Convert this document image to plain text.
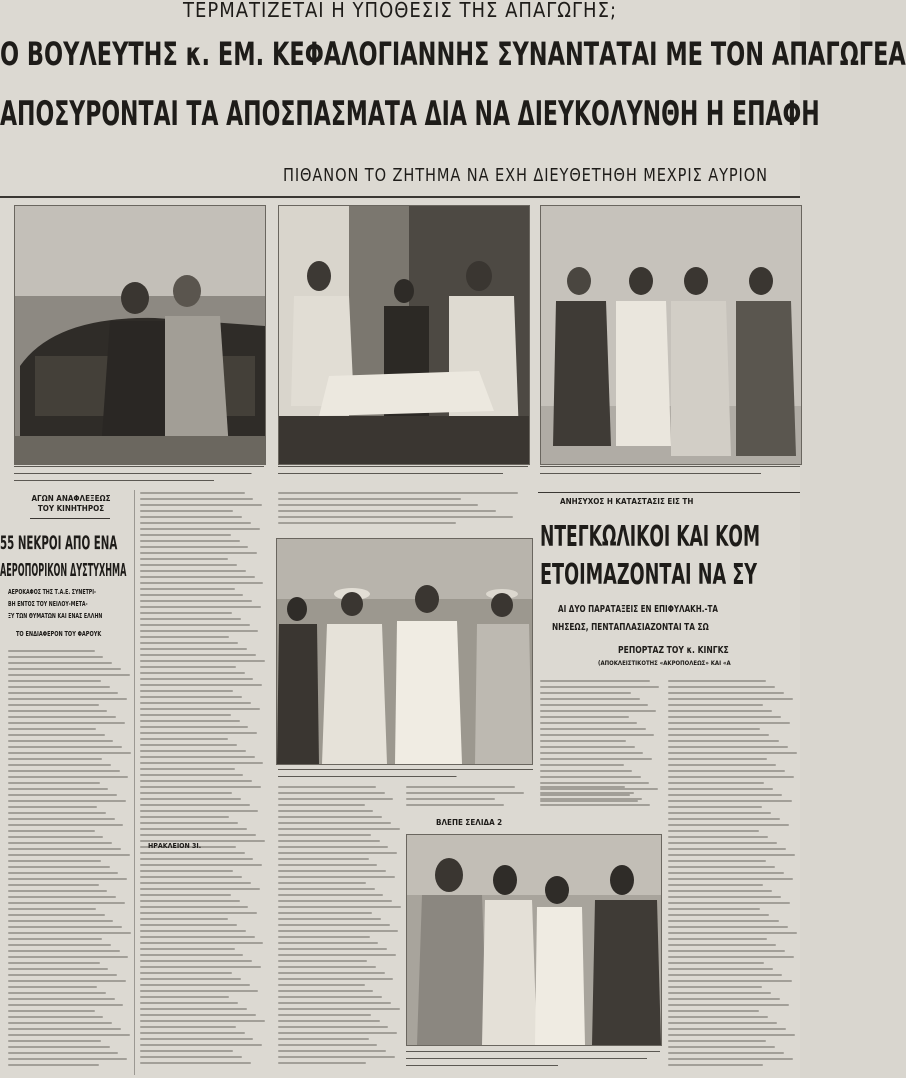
ΤΕΡΜΑΤΙΖΕΤΑΙ Η ΥΠΟΘΕΣΙΣ ΤΗΣ ΑΠΑΓΩΓΗΣ;
Ο ΒΟΥΛΕΥΤΗΣ κ. ΕΜ. ΚΕΦΑΛΟΓΙΑΝΝΗΣ ΣΥΝΑΝΤΑΤΑΙ ΜΕ ΤΟΝ ΑΠΑΓΩΓΕΑ
ΑΠΟΣΥΡΟΝΤΑΙ ΤΑ ΑΠΟΣΠΑΣΜΑΤΑ ΔΙΑ ΝΑ ΔΙΕΥΚΟΛΥΝΘΗ Η ΕΠΑΦΗ
ΠΙΘΑΝΟΝ ΤΟ ΖΗΤΗΜΑ ΝΑ ΕΧΗ ΔΙΕΥΘΕΤΗΘΗ ΜΕΧΡΙΣ ΑΥΡΙΟΝ
ΑΓΩΝ ΑΝΑΦΛΕΞΕΩΣ
ΤΟΥ ΚΙΝΗΤΗΡΟΣ
55 ΝΕΚΡΟΙ ΑΠΟ ΕΝΑ
ΑΕΡΟΠΟΡΙΚΟΝ ΔΥΣΤΥΧΗΜΑ
ΑΕΡΟΚΑΦΟΣ ΤΗΣ Τ.Α.Ε. ΣΥΝΕΤΡΙ-
ΒΗ ΕΝΤΟΣ ΤΟΥ ΝΕΙΛΟΥ-ΜΕΤΑ-
ΞΥ ΤΩΝ ΘΥΜΑΤΩΝ ΚΑΙ ΕΝΑΣ ΕΛΛΗΝ
ΤΟ ΕΝΔΙΑΦΕΡΟΝ ΤΟΥ ΦΑΡΟΥΚ
ΑΝΗΣΥΧΟΣ Η ΚΑΤΑΣΤΑΣΙΣ ΕΙΣ ΤΗ
ΝΤΕΓΚΩΛΙΚΟΙ ΚΑΙ ΚΟΜ
ΕΤΟΙΜΑΖΟΝΤΑΙ ΝΑ ΣΥ
ΑΙ ΔΥΟ ΠΑΡΑΤΑΞΕΙΣ ΕΝ ΕΠΙΦΥΛΑΚΗ.-ΤΑ
ΝΗΣΕΩΣ, ΠΕΝΤΑΠΛΑΣΙΑΖΟΝΤΑΙ ΤΑ ΣΩ
ΡΕΠΟΡΤΑΖ ΤΟΥ κ. ΚΙΝΓΚΣ
(ΑΠΟΚΛΕΙΣΤΙΚΟΤΗΣ «ΑΚΡΟΠΟΛΕΩΣ» ΚΑΙ «Α
ΒΛΕΠΕ ΣΕΛΙΔΑ 2
ΗΡΑΚΛΕΙΟΝ 3Ι.
